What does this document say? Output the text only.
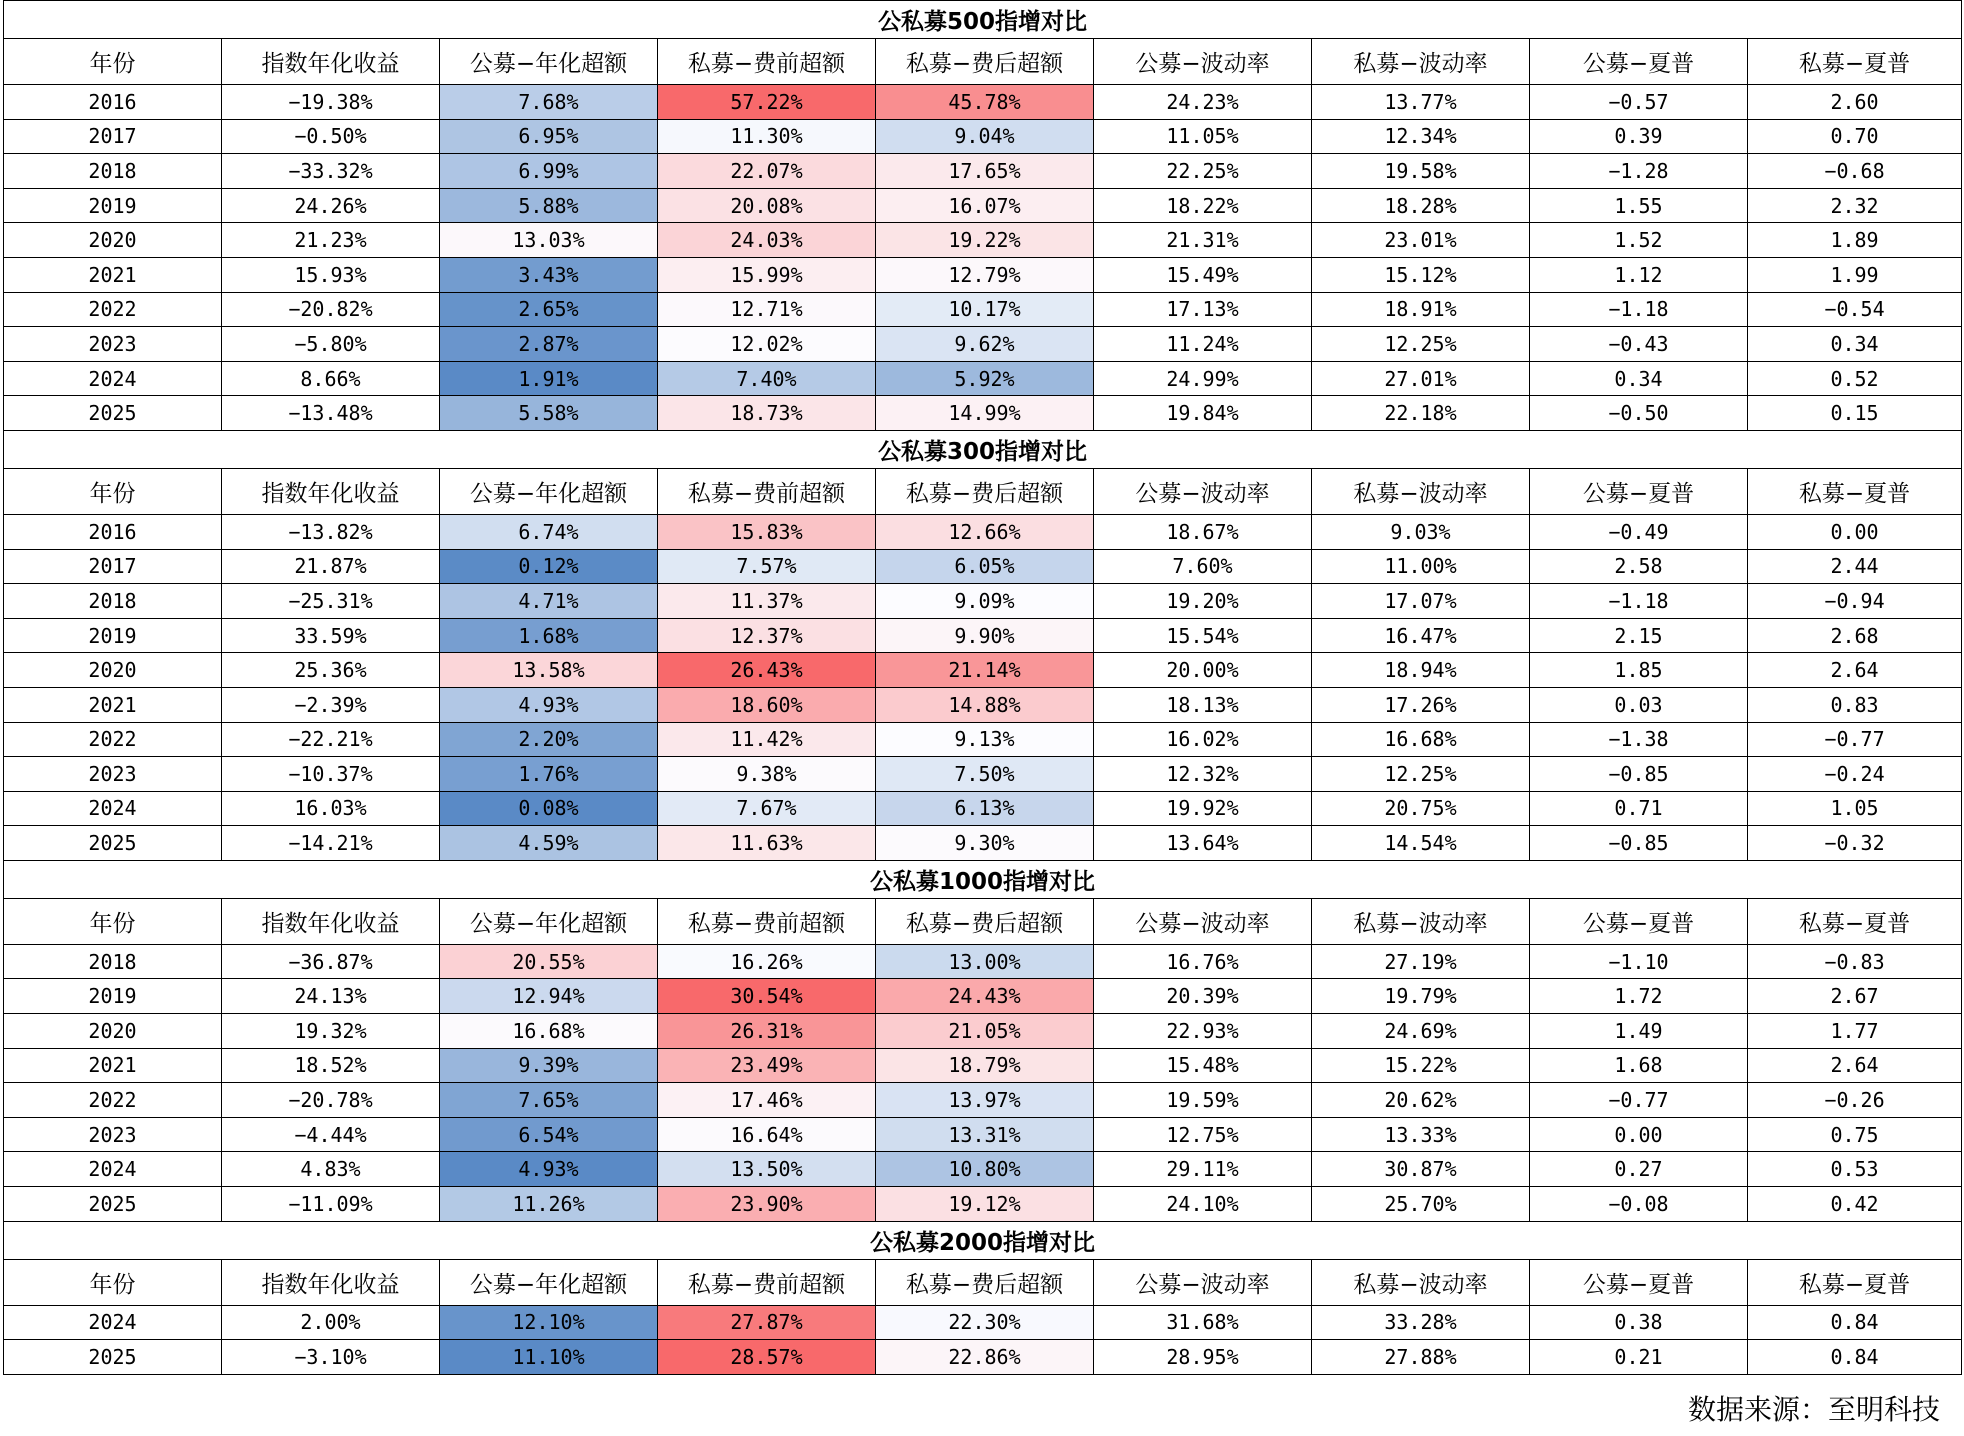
公私募500指增对比								
年份	指数年化收益	公募−年化超额	私募−费前超额	私募−费后超额	公募−波动率	私募−波动率	公募−夏普	私募−夏普
2016	−19.38%	7.68%	57.22%	45.78%	24.23%	13.77%	−0.57	2.60
2017	−0.50%	6.95%	11.30%	9.04%	11.05%	12.34%	0.39	0.70
2018	−33.32%	6.99%	22.07%	17.65%	22.25%	19.58%	−1.28	−0.68
2019	24.26%	5.88%	20.08%	16.07%	18.22%	18.28%	1.55	2.32
2020	21.23%	13.03%	24.03%	19.22%	21.31%	23.01%	1.52	1.89
2021	15.93%	3.43%	15.99%	12.79%	15.49%	15.12%	1.12	1.99
2022	−20.82%	2.65%	12.71%	10.17%	17.13%	18.91%	−1.18	−0.54
2023	−5.80%	2.87%	12.02%	9.62%	11.24%	12.25%	−0.43	0.34
2024	8.66%	1.91%	7.40%	5.92%	24.99%	27.01%	0.34	0.52
2025	−13.48%	5.58%	18.73%	14.99%	19.84%	22.18%	−0.50	0.15
公私募300指增对比								
年份	指数年化收益	公募−年化超额	私募−费前超额	私募−费后超额	公募−波动率	私募−波动率	公募−夏普	私募−夏普
2016	−13.82%	6.74%	15.83%	12.66%	18.67%	9.03%	−0.49	0.00
2017	21.87%	0.12%	7.57%	6.05%	7.60%	11.00%	2.58	2.44
2018	−25.31%	4.71%	11.37%	9.09%	19.20%	17.07%	−1.18	−0.94
2019	33.59%	1.68%	12.37%	9.90%	15.54%	16.47%	2.15	2.68
2020	25.36%	13.58%	26.43%	21.14%	20.00%	18.94%	1.85	2.64
2021	−2.39%	4.93%	18.60%	14.88%	18.13%	17.26%	0.03	0.83
2022	−22.21%	2.20%	11.42%	9.13%	16.02%	16.68%	−1.38	−0.77
2023	−10.37%	1.76%	9.38%	7.50%	12.32%	12.25%	−0.85	−0.24
2024	16.03%	0.08%	7.67%	6.13%	19.92%	20.75%	0.71	1.05
2025	−14.21%	4.59%	11.63%	9.30%	13.64%	14.54%	−0.85	−0.32
公私募1000指增对比								
年份	指数年化收益	公募−年化超额	私募−费前超额	私募−费后超额	公募−波动率	私募−波动率	公募−夏普	私募−夏普
2018	−36.87%	20.55%	16.26%	13.00%	16.76%	27.19%	−1.10	−0.83
2019	24.13%	12.94%	30.54%	24.43%	20.39%	19.79%	1.72	2.67
2020	19.32%	16.68%	26.31%	21.05%	22.93%	24.69%	1.49	1.77
2021	18.52%	9.39%	23.49%	18.79%	15.48%	15.22%	1.68	2.64
2022	−20.78%	7.65%	17.46%	13.97%	19.59%	20.62%	−0.77	−0.26
2023	−4.44%	6.54%	16.64%	13.31%	12.75%	13.33%	0.00	0.75
2024	4.83%	4.93%	13.50%	10.80%	29.11%	30.87%	0.27	0.53
2025	−11.09%	11.26%	23.90%	19.12%	24.10%	25.70%	−0.08	0.42
公私募2000指增对比								
年份	指数年化收益	公募−年化超额	私募−费前超额	私募−费后超额	公募−波动率	私募−波动率	公募−夏普	私募−夏普
2024	2.00%	12.10%	27.87%	22.30%	31.68%	33.28%	0.38	0.84
2025	−3.10%	11.10%	28.57%	22.86%	28.95%	27.88%	0.21	0.84
数据来源：至明科技
